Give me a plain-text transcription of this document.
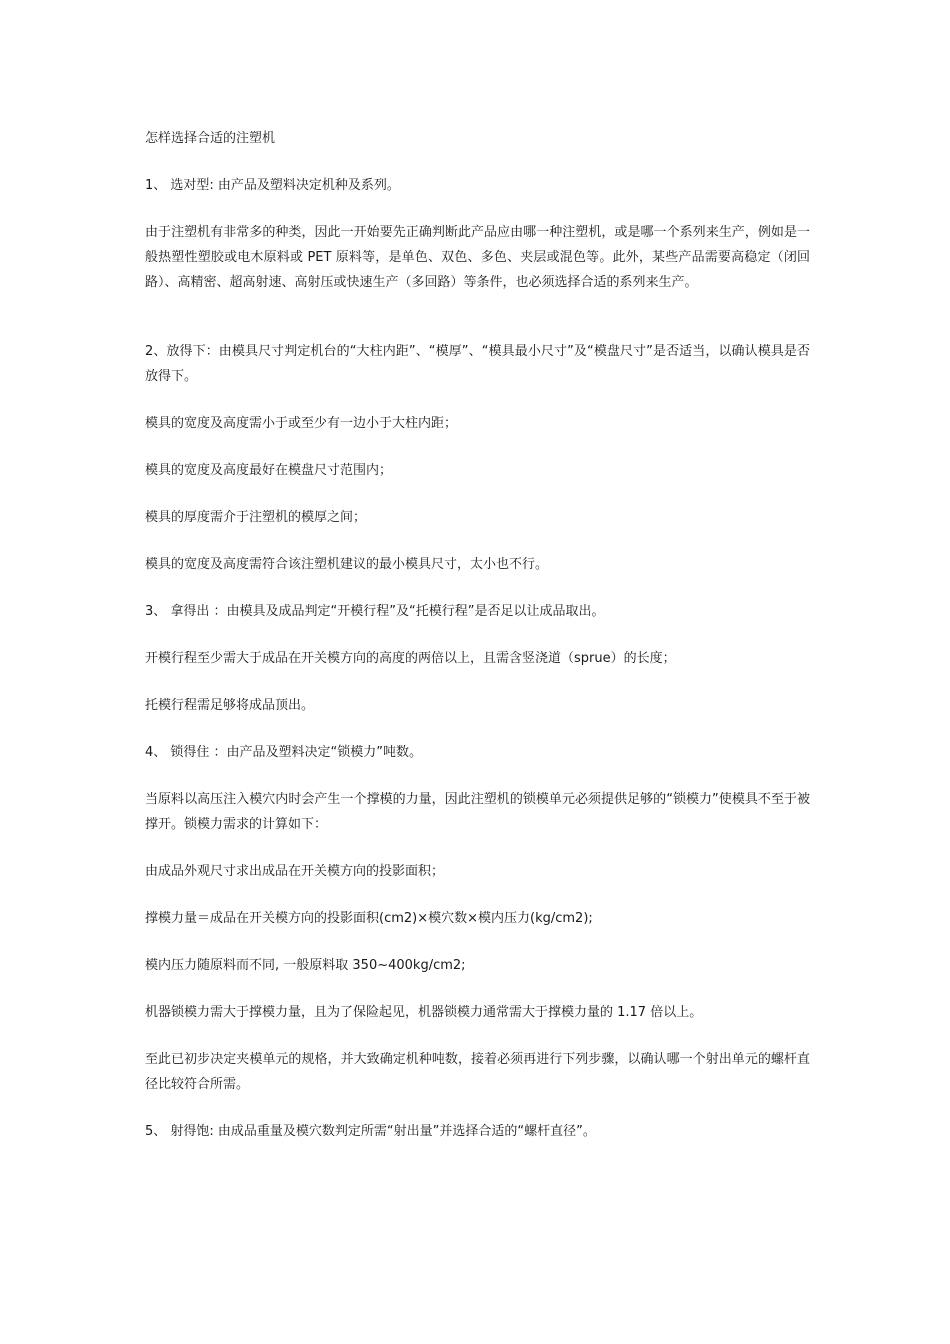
怎样选择合适的注塑机

1、 选对型: 由产品及塑料决定机种及系列。

由于注塑机有非常多的种类，因此一开始要先正确判断此产品应由哪一种注塑机，或是哪一个系列来生产，例如是一般热塑性塑胶或电木原料或 PET 原料等，是单色、双色、多色、夹层或混色等。此外，某些产品需要高稳定（闭回路）、高精密、超高射速、高射压或快速生产（多回路）等条件，也必须选择合适的系列来生产。

2、放得下：由模具尺寸判定机台的“大柱内距”、“模厚”、“模具最小尺寸”及“模盘尺寸”是否适当，以确认模具是否放得下。

模具的宽度及高度需小于或至少有一边小于大柱内距；

模具的宽度及高度最好在模盘尺寸范围内；

模具的厚度需介于注塑机的模厚之间；

模具的宽度及高度需符合该注塑机建议的最小模具尺寸，太小也不行。

3、 拿得出 ：由模具及成品判定“开模行程”及“托模行程”是否足以让成品取出。

开模行程至少需大于成品在开关模方向的高度的两倍以上，且需含竖浇道（sprue）的长度；

托模行程需足够将成品顶出。

4、 锁得住 ：由产品及塑料决定“锁模力”吨数。

当原料以高压注入模穴内时会产生一个撑模的力量，因此注塑机的锁模单元必须提供足够的“锁模力”使模具不至于被撑开。锁模力需求的计算如下：

由成品外观尺寸求出成品在开关模方向的投影面积；

撑模力量＝成品在开关模方向的投影面积(cm2)×模穴数×模内压力(kg/cm2);

模内压力随原料而不同, 一般原料取 350~400kg/cm2;

机器锁模力需大于撑模力量，且为了保险起见，机器锁模力通常需大于撑模力量的 1.17 倍以上。

至此已初步决定夹模单元的规格，并大致确定机种吨数，接着必须再进行下列步骤，以确认哪一个射出单元的螺杆直径比较符合所需。

5、 射得饱: 由成品重量及模穴数判定所需“射出量”并选择合适的“螺杆直径”。
